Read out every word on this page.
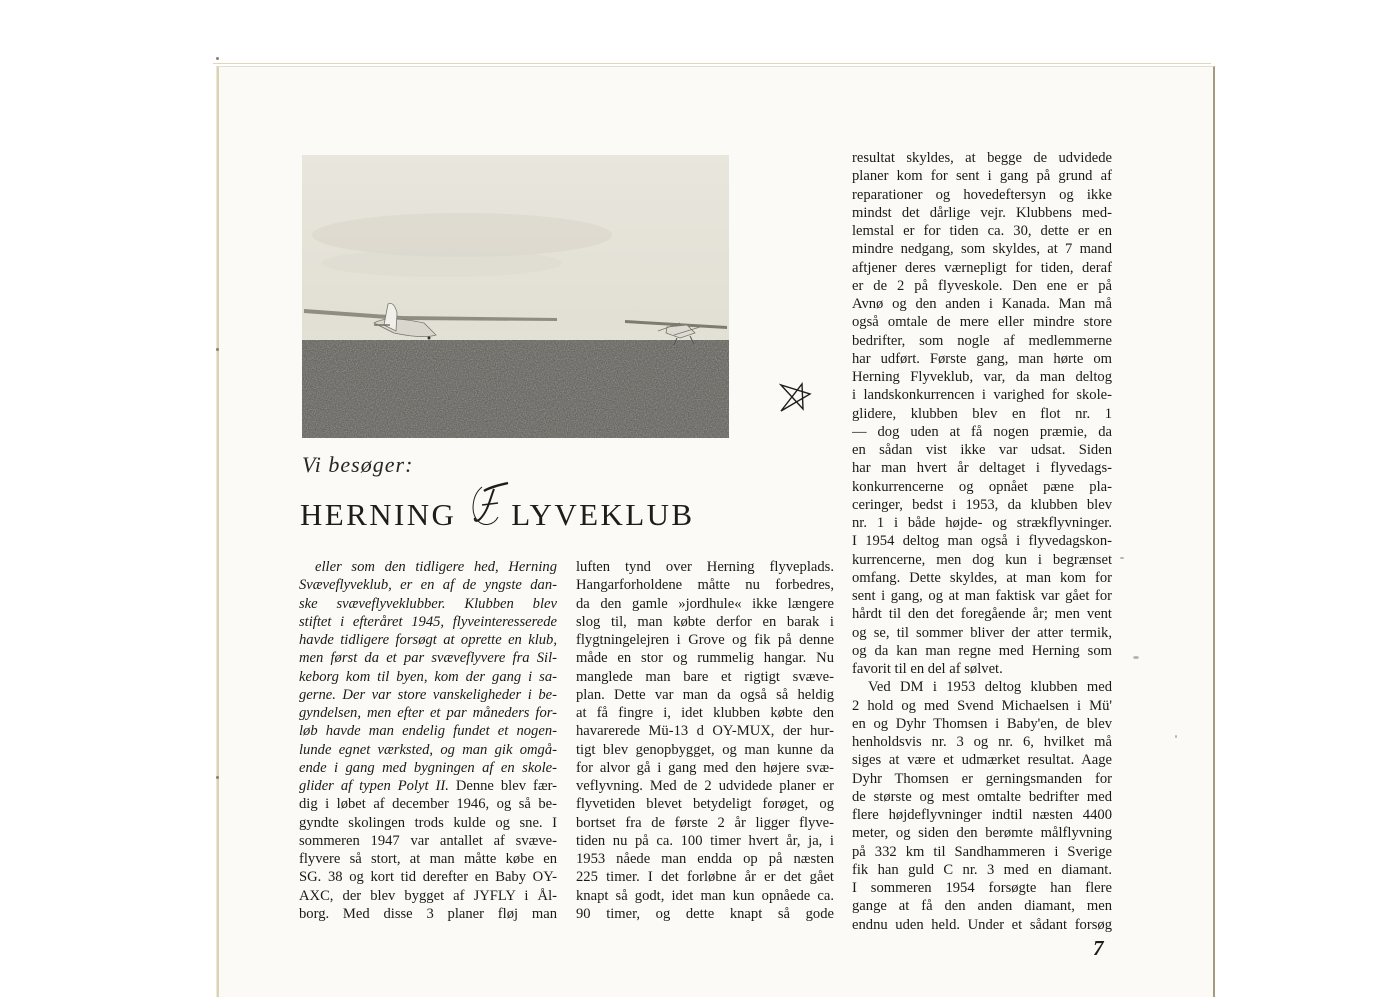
Vi besøger:
HERNING LYVEKLUB
eller som den tidligere hed, Herning
Svæveflyveklub, er en af de yngste dan-
ske svæveflyveklubber. Klubben blev
stiftet i efteråret 1945, flyveinteresserede
havde tidligere forsøgt at oprette en klub,
men først da et par svæveflyvere fra Sil-
keborg kom til byen, kom der gang i sa-
gerne. Der var store vanskeligheder i be-
gyndelsen, men efter et par måneders for-
løb havde man endelig fundet et nogen-
lunde egnet værksted, og man gik omgå-
ende i gang med bygningen af en skole-
glider af typen Polyt II. Denne blev fær-
dig i løbet af december 1946, og så be-
gyndte skolingen trods kulde og sne. I
sommeren 1947 var antallet af svæve-
flyvere så stort, at man måtte købe en
SG. 38 og kort tid derefter en Baby OY-
AXC, der blev bygget af JYFLY i Ål-
borg. Med disse 3 planer fløj man
luften tynd over Herning flyveplads.
Hangarforholdene måtte nu forbedres,
da den gamle »jordhule« ikke længere
slog til, man købte derfor en barak i
flygtningelejren i Grove og fik på denne
måde en stor og rummelig hangar. Nu
manglede man bare et rigtigt svæve-
plan. Dette var man da også så heldig
at få fingre i, idet klubben købte den
havarerede Mü-13 d OY-MUX, der hur-
tigt blev genopbygget, og man kunne da
for alvor gå i gang med den højere svæ-
veflyvning. Med de 2 udvidede planer er
flyvetiden blevet betydeligt forøget, og
bortset fra de første 2 år ligger flyve-
tiden nu på ca. 100 timer hvert år, ja, i
1953 nåede man endda op på næsten
225 timer. I det forløbne år er det gået
knapt så godt, idet man kun opnåede ca.
90 timer, og dette knapt så gode
resultat skyldes, at begge de udvidede
planer kom for sent i gang på grund af
reparationer og hovedeftersyn og ikke
mindst det dårlige vejr. Klubbens med-
lemstal er for tiden ca. 30, dette er en
mindre nedgang, som skyldes, at 7 mand
aftjener deres værnepligt for tiden, deraf
er de 2 på flyveskole. Den ene er på
Avnø og den anden i Kanada. Man må
også omtale de mere eller mindre store
bedrifter, som nogle af medlemmerne
har udført. Første gang, man hørte om
Herning Flyveklub, var, da man deltog
i landskonkurrencen i varighed for skole-
glidere, klubben blev en flot nr. 1
— dog uden at få nogen præmie, da
en sådan vist ikke var udsat. Siden
har man hvert år deltaget i flyvedags-
konkurrencerne og opnået pæne pla-
ceringer, bedst i 1953, da klubben blev
nr. 1 i både højde- og strækflyvninger.
I 1954 deltog man også i flyvedagskon-
kurrencerne, men dog kun i begrænset
omfang. Dette skyldes, at man kom for
sent i gang, og at man faktisk var gået for
hårdt til den det foregående år; men vent
og se, til sommer bliver der atter termik,
og da kan man regne med Herning som
favorit til en del af sølvet.
Ved DM i 1953 deltog klubben med
2 hold og med Svend Michaelsen i Mü'
en og Dyhr Thomsen i Baby'en, de blev
henholdsvis nr. 3 og nr. 6, hvilket må
siges at være et udmærket resultat. Aage
Dyhr Thomsen er gerningsmanden for
de største og mest omtalte bedrifter med
flere højdeflyvninger indtil næsten 4400
meter, og siden den berømte målflyvning
på 332 km til Sandhammeren i Sverige
fik han guld C nr. 3 med en diamant.
I sommeren 1954 forsøgte han flere
gange at få den anden diamant, men
endnu uden held. Under et sådant forsøg
7
